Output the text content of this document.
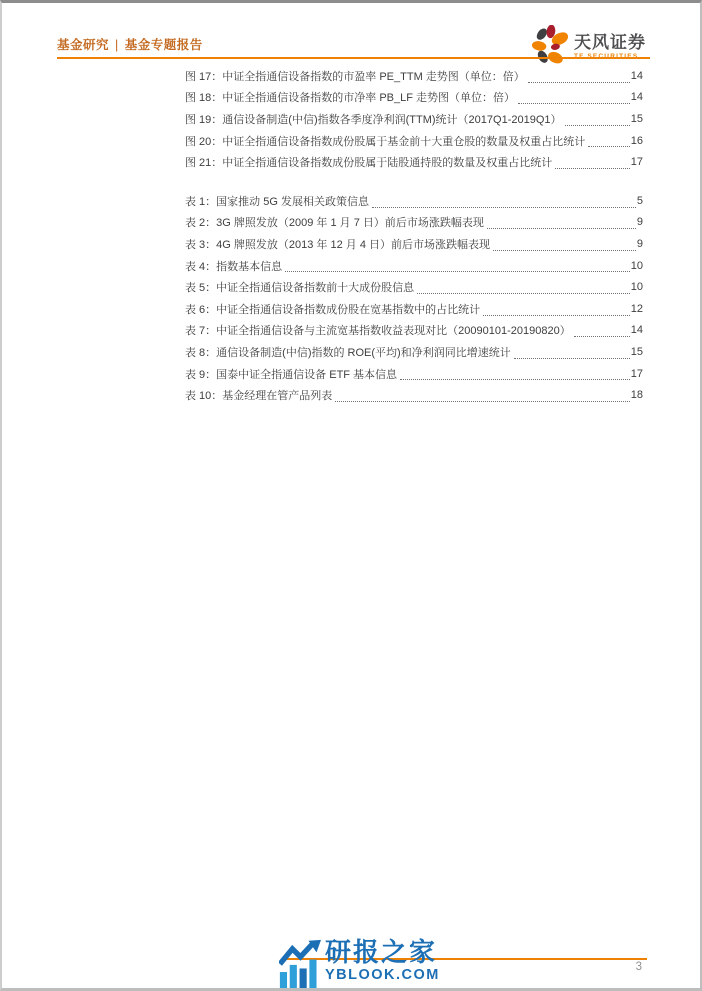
基金研究 | 基金专题报告	天风证券
图 17：中证全指通信设备指数的市盈率 PE_TTM 走势图（单位：倍）	14
图 18：中证全指通信设备指数的市净率 PB_LF 走势图（单位：倍）	14
图 19：通信设备制造(中信)指数各季度净利润(TTM)统计（2017Q1-2019Q1）	15
图 20：中证全指通信设备指数成份股属于基金前十大重仓股的数量及权重占比统计	16
图 21：中证全指通信设备指数成份股属于陆股通持股的数量及权重占比统计	17
表 1：国家推动 5G 发展相关政策信息	5
表 2：3G 牌照发放（2009 年 1 月 7 日）前后市场涨跌幅表现	9
表 3：4G 牌照发放（2013 年 12 月 4 日）前后市场涨跌幅表现	9
表 4：指数基本信息	10
表 5：中证全指通信设备指数前十大成份股信息	10
表 6：中证全指通信设备指数成份股在宽基指数中的占比统计	12
表 7：中证全指通信设备与主流宽基指数收益表现对比（20090101-20190820）	14
表 8：通信设备制造(中信)指数的 ROE(平均)和净利润同比增速统计	15
表 9：国泰中证全指通信设备 ETF 基本信息	17
表 10：基金经理在管产品列表	18
研报之家
YBLOOK.COM	3
